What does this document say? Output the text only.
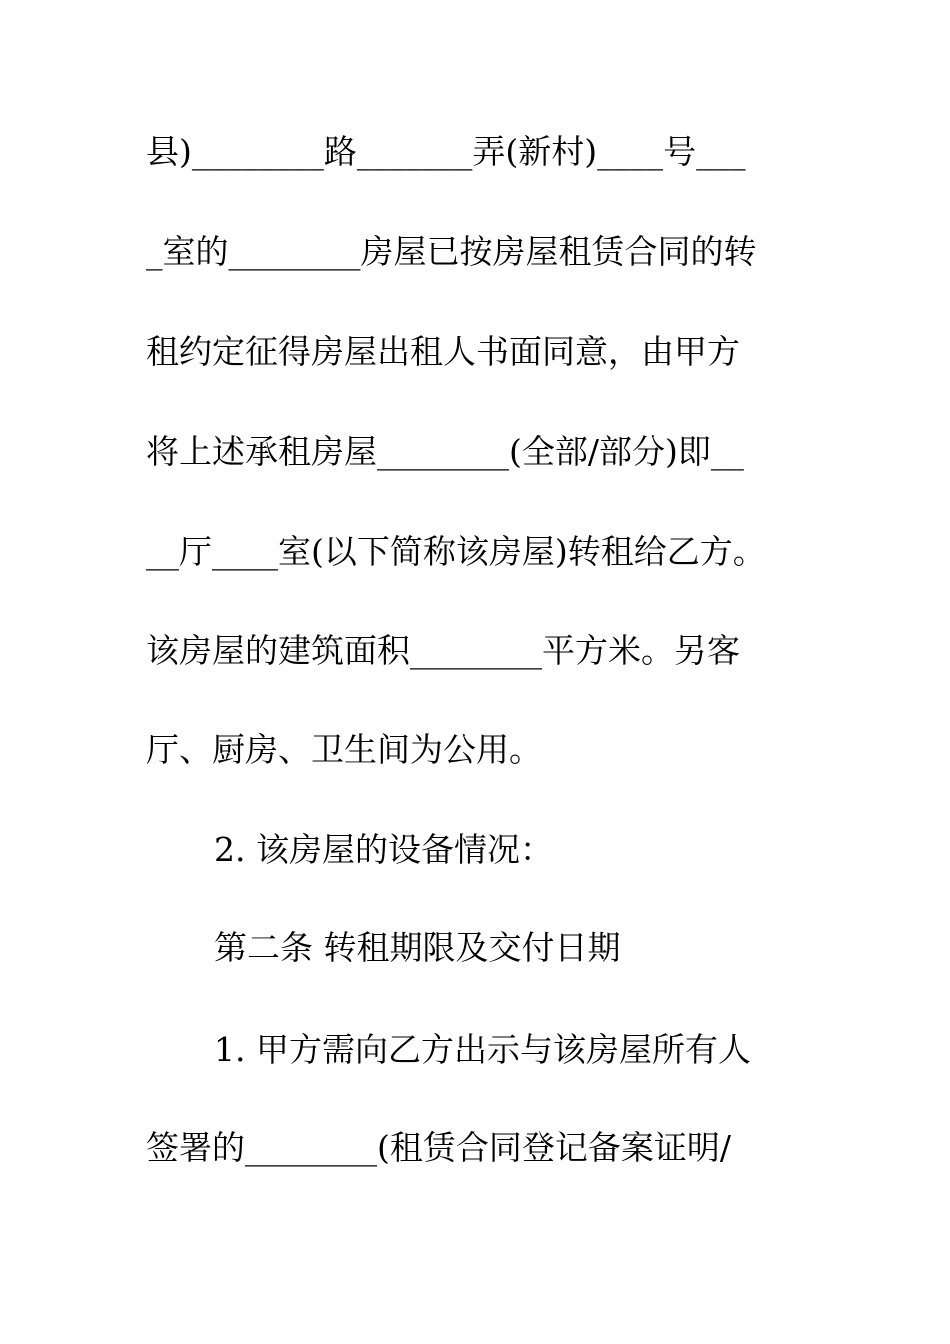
县)________路_______弄(新村)____号___
_室的________房屋已按房屋租赁合同的转
租约定征得房屋出租人书面同意，由甲方
将上述承租房屋________(全部/部分)即__
__厅____室(以下简称该房屋)转租给乙方。
该房屋的建筑面积________平方米。另客
厅、厨房、卫生间为公用。
2. 该房屋的设备情况：
第二条 转租期限及交付日期
1. 甲方需向乙方出示与该房屋所有人
签署的________(租赁合同登记备案证明/
